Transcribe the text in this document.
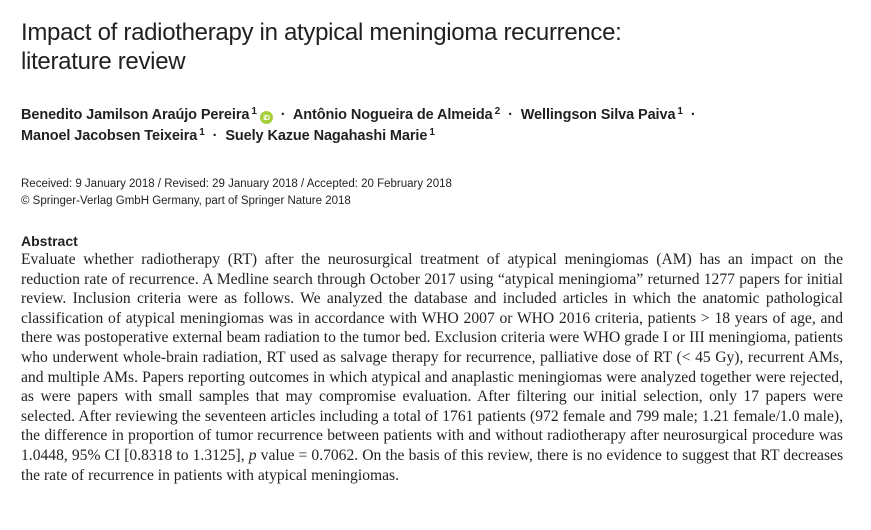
Impact of radiotherapy in atypical meningioma recurrence:
literature review
Benedito Jamilson Araújo Pereira $^1$iD · Antônio Nogueira de Almeida $^2$ · Wellingson Silva Paiva $^1$ ·
Manoel Jacobsen Teixeira $^1$ · Suely Kazue Nagahashi Marie $^1$
Received: 9 January 2018 / Revised: 29 January 2018 / Accepted: 20 February 2018
© Springer-Verlag GmbH Germany, part of Springer Nature 2018
Abstract

Evaluate whether radiotherapy (RT) after the neurosurgical treatment of atypical meningiomas (AM) has an impact on the reduction rate of recurrence. A Medline search through October 2017 using “atypical meningioma” returned 1277 papers for initial review. Inclusion criteria were as follows. We analyzed the database and included articles in which the anatomic pathological classification of atypical meningiomas was in accordance with WHO 2007 or WHO 2016 criteria, patients > 18 years of age, and there was postoperative external beam radiation to the tumor bed. Exclusion criteria were WHO grade I or III meningioma, patients who underwent whole-brain radiation, RT used as salvage therapy for recurrence, palliative dose of RT (< 45 Gy), recurrent AMs, and multiple AMs. Papers reporting outcomes in which atypical and anaplastic meningiomas were analyzed together were rejected, as were papers with small samples that may compromise evaluation. After filtering our initial selection, only 17 papers were selected. After reviewing the seventeen articles including a total of 1761 patients (972 female and 799 male; 1.21 female/1.0 male), the difference in proportion of tumor recurrence between patients with and without radiotherapy after neurosurgical procedure was 1.0448, 95% CI [0.8318 to 1.3125], p value = 0.7062. On the basis of this review, there is no evidence to suggest that RT decreases the rate of recurrence in patients with atypical meningiomas.
